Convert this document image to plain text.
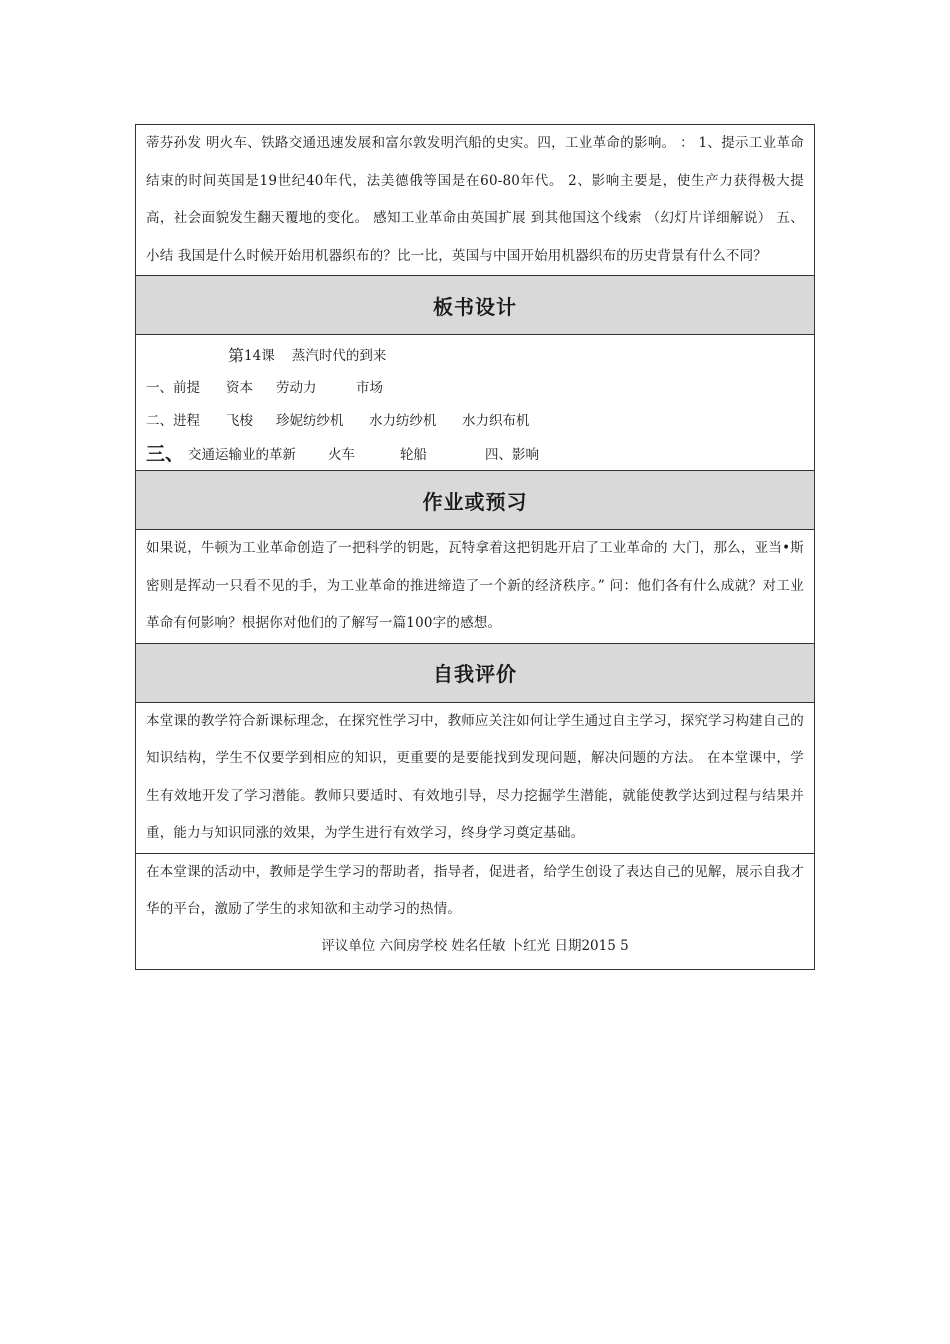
蒂芬孙发 明火车、铁路交通迅速发展和富尔敦发明汽船的史实。四，工业革命的影响。 ： 1、提示工业革命结束的时间英国是19世纪40年代，法美德俄等国是在60-80年代。 2、影响主要是，使生产力获得极大提高，社会面貌发生翻天覆地的变化。 感知工业革命由英国扩展 到其他国这个线索 （幻灯片详细解说） 五、小结 我国是什么时候开始用机器织布的？比一比，英国与中国开始用机器织布的历史背景有什么不同？
板书设计
第 14课    蒸汽时代的到来
一、前提	资本	劳动力	市场
二、进程	飞梭	珍妮纺纱机	水力纺纱机	水力织布机
三、 交通运输业的革新	火车	轮船	四、影响
作业或预习
如果说，牛顿为工业革命创造了一把科学的钥匙，瓦特拿着这把钥匙开启了工业革命的 大门，那么，亚当•斯密则是挥动一只看不见的手，为工业革命的推进缔造了一个新的经济秩序。” 问：他们各有什么成就？对工业革命有何影响？根据你对他们的了解写一篇100字的感想。
自我评价
本堂课的教学符合新课标理念，在探究性学习中，教师应关注如何让学生通过自主学习，探究学习构建自己的知识结构，学生不仅要学到相应的知识，更重要的是要能找到发现问题，解决问题的方法。 在本堂课中，学生有效地开发了学习潜能。教师只要适时、有效地引导，尽力挖掘学生潜能，就能使教学达到过程与结果并重，能力与知识同涨的效果，为学生进行有效学习，终身学习奠定基础。
在本堂课的活动中，教师是学生学习的帮助者，指导者，促进者，给学生创设了表达自己的见解，展示自我才华的平台，激励了学生的求知欲和主动学习的热情。
评议单位 六间房学校 姓名任敏 卜红光 日期2015 5
